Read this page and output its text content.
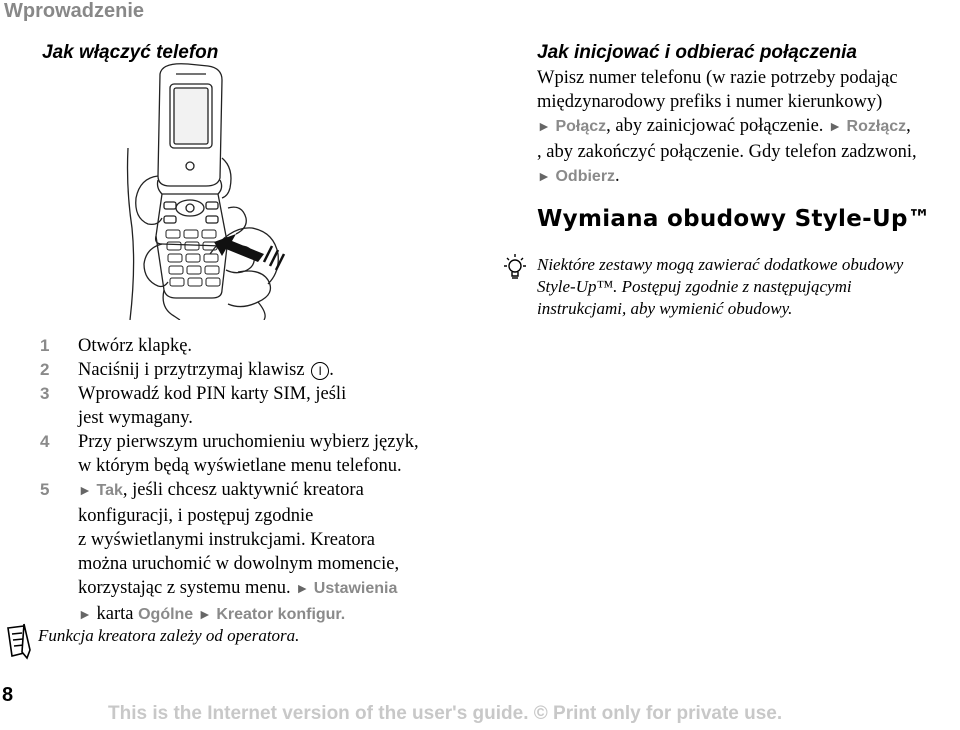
Wprowadzenie
Jak włączyć telefon
1	Otwórz klapkę.
2	Naciśnij i przytrzymaj klawisz I .
3	Wprowadź kod PIN karty SIM, jeśli
jest wymagany.
4	Przy pierwszym uruchomieniu wybierz język,
w którym będą wyświetlane menu telefonu.
5	► Tak, jeśli chcesz uaktywnić kreatora
konfiguracji, i postępuj zgodnie
z wyświetlanymi instrukcjami. Kreatora
można uruchomić w dowolnym momencie,
korzystając z systemu menu. ► Ustawienia
► karta Ogólne ► Kreator konfigur.
Funkcja kreatora zależy od operatora.
Jak inicjować i odbierać połączenia
Wpisz numer telefonu (w razie potrzeby podając
międzynarodowy prefiks i numer kierunkowy)
► Połącz, aby zainicjować połączenie. ► Rozłącz,
, aby zakończyć połączenie. Gdy telefon zadzwoni,
► Odbierz.
Wymiana obudowy Style-Up™
Niektóre zestawy mogą zawierać dodatkowe obudowy
Style-Up™. Postępuj zgodnie z następującymi
instrukcjami, aby wymienić obudowy.
8
This is the Internet version of the user's guide. © Print only for private use.
